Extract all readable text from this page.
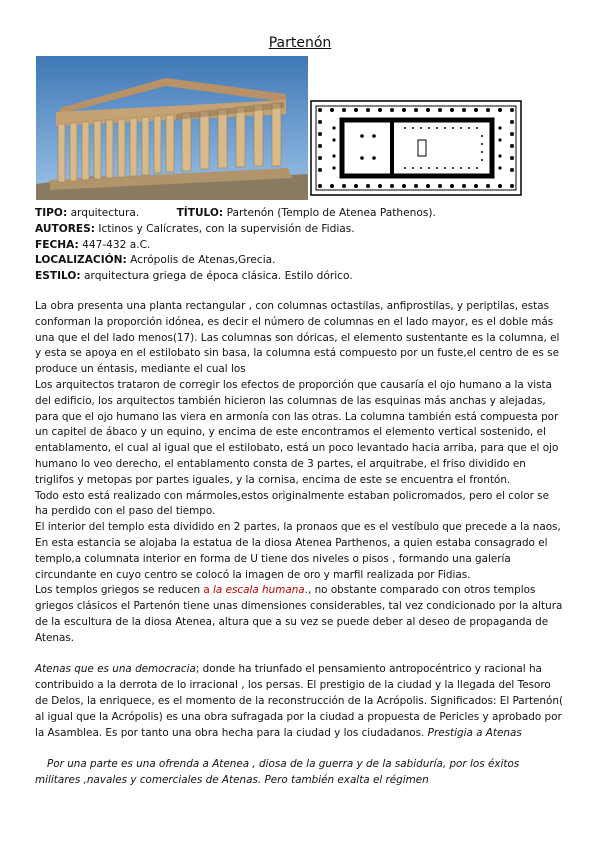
Partenón
TIPO: arquitectura.	TÍTULO: Partenón (Templo de Atenea Pathenos).
AUTORES: Ictinos y Calícrates, con la supervisión de Fidias.
FECHA: 447-432 a.C.
LOCALIZACIÓN: Acrópolis de Atenas,Grecia.
ESTILO: arquitectura griega de época clásica. Estilo dórico.

La obra presenta una planta rectangular , con columnas octastilas, anfiprostilas, y periptilas, estas conforman la proporción idónea, es decir el número de columnas en el lado mayor, es el doble más una que el del lado menos(17). Las columnas son dóricas, el elemento sustentante es la columna, el y esta se apoya en el estilobato sin basa, la columna está compuesto por un fuste,el centro de es se produce un éntasis, mediante el cual los

Los arquitectos trataron de corregir los efectos de proporción que causaría el ojo humano a la vista del edificio, los arquitectos también hicieron las columnas de las esquinas más anchas y alejadas, para que el ojo humano las viera en armonía con las otras. La columna también está compuesta por un capitel de ábaco y un equino, y encima de este encontramos el elemento vertical sostenido, el entablamento, el cual al igual que el estilobato, está un poco levantado hacia arriba, para que el ojo humano lo veo derecho, el entablamento consta de 3 partes, el arquitrabe, el friso dividido en triglifos y metopas por partes iguales, y la cornisa, encima de este se encuentra el frontón.

Todo esto está realizado con mármoles,estos originalmente estaban policromados, pero el color se ha perdido con el paso del tiempo.

El interior del templo esta dividido en 2 partes, la pronaos que es el vestíbulo que precede a la naos, En esta estancia se alojaba la estatua de la diosa Atenea Parthenos, a quien estaba consagrado el templo,a columnata interior en forma de U tiene dos niveles o pisos , formando una galería circundante en cuyo centro se colocó la imagen de oro y marfil realizada por Fidias.

Los templos griegos se reducen a la escala humana., no obstante comparado con otros templos griegos clásicos el Partenón tiene unas dimensiones considerables, tal vez condicionado por la altura de la escultura de la diosa Atenea, altura que a su vez se puede deber al deseo de propaganda de Atenas.

Atenas que es una democracia; donde ha triunfado el pensamiento antropocéntrico y racional ha contribuido a la derrota de lo irracional , los persas. El prestigio de la ciudad y la llegada del Tesoro de Delos, la enriquece, es el momento de la reconstrucción de la Acrópolis. Significados: El Partenón( al igual que la Acrópolis) es una obra sufragada por la ciudad a propuesta de Pericles y aprobado por la Asamblea. Es por tanto una obra hecha para la ciudad y los ciudadanos. Prestigia a Atenas

Por una parte es una ofrenda a Atenea , diosa de la guerra y de la sabiduría, por los éxitos militares ,navales y comerciales de Atenas. Pero también exalta el régimen
